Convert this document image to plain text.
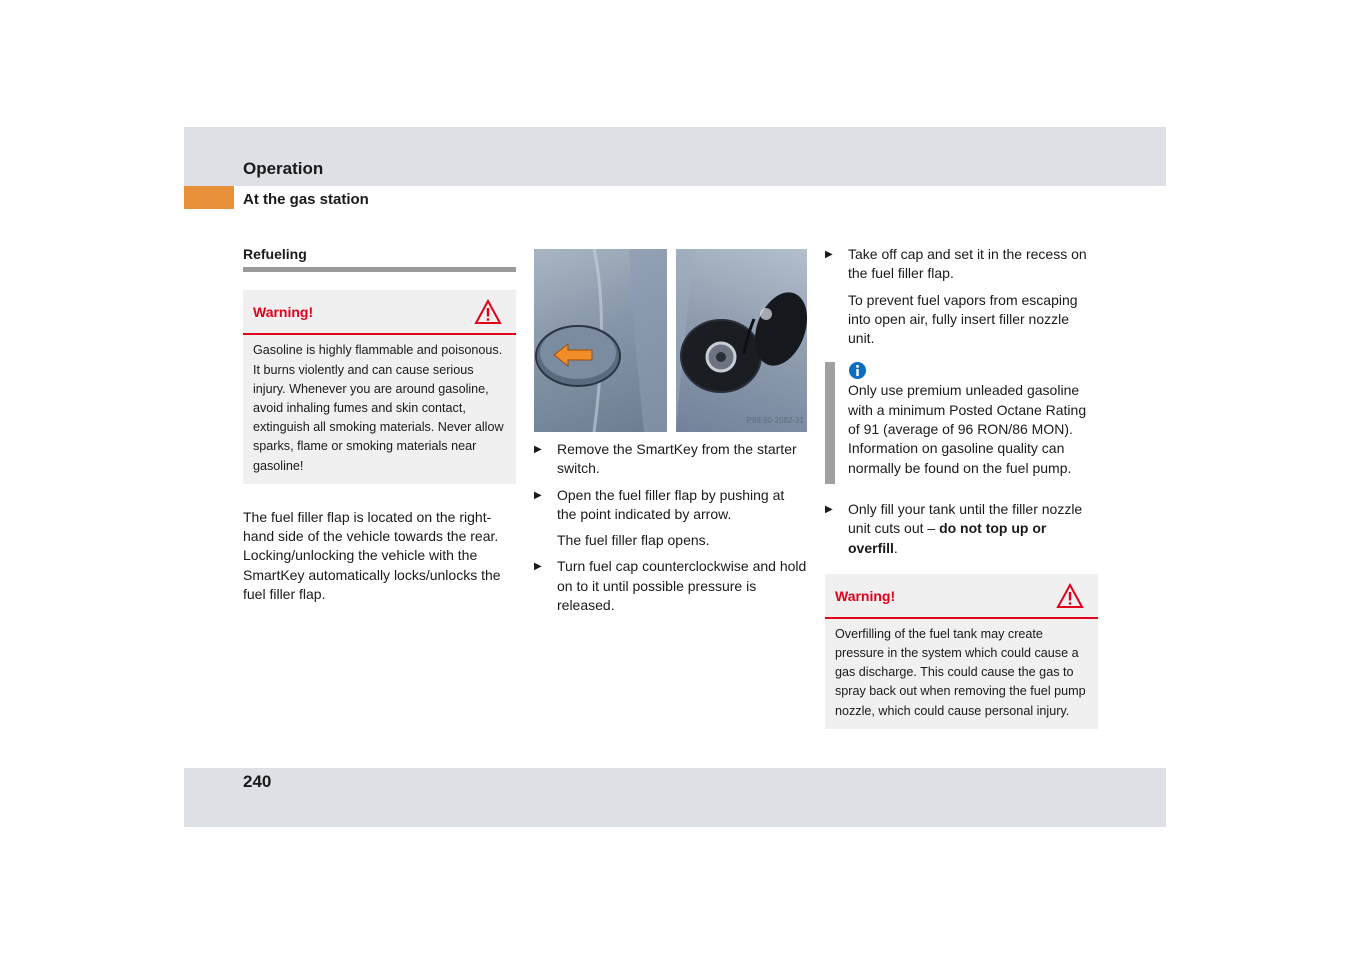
Operation
At the gas station
Refueling
Warning!
Gasoline is highly flammable and poisonous. It burns violently and can cause serious injury. Whenever you are around gasoline, avoid inhaling fumes and skin contact, extinguish all smoking materials. Never allow sparks, flame or smoking materials near gasoline!

The fuel filler flap is located on the right-hand side of the vehicle towards the rear. Locking/unlocking the vehicle with the SmartKey automatically locks/unlocks the fuel filler flap.

P88.60-2082-31
▶ Remove the SmartKey from the starter switch.
▶ Open the fuel filler flap by pushing at the point indicated by arrow.
The fuel filler flap opens.
▶ Turn fuel cap counterclockwise and hold on to it until possible pressure is released.
▶ Take off cap and set it in the recess on the fuel filler flap.
To prevent fuel vapors from escaping into open air, fully insert filler nozzle unit.
Only use premium unleaded gasoline with a minimum Posted Octane Rating of 91 (average of 96 RON/86 MON). Information on gasoline quality can normally be found on the fuel pump.
▶ Only fill your tank until the filler nozzle unit cuts out – do not top up or overfill.
Warning!
Overfilling of the fuel tank may create pressure in the system which could cause a gas discharge. This could cause the gas to spray back out when removing the fuel pump nozzle, which could cause personal injury.
240
